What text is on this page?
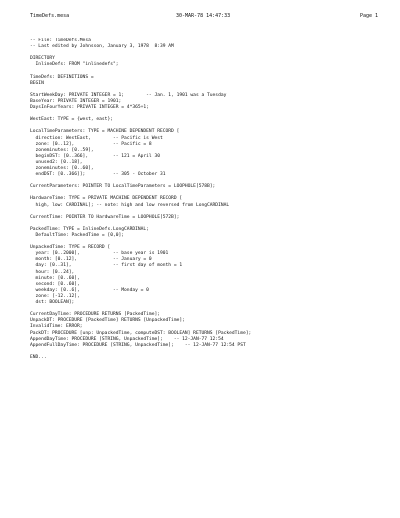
TimeDefs.mesa	30-MAR-78 14:47:33	Page 1
-- File: TimeDefs.Mesa
-- Last edited by Johnsson, January 3, 1978  8:39 AM

DIRECTORY
InlineDefs: FROM "inlinedefs";

TimeDefs: DEFINITIONS =
BEGIN

StartWeekDay: PRIVATE INTEGER = 1;        -- Jan. 1, 1901 was a Tuesday
BaseYear: PRIVATE INTEGER = 1901;
DaysInFourYears: PRIVATE INTEGER = 4*365+1;

WestEast: TYPE = {west, east};

LocalTimeParameters: TYPE = MACHINE DEPENDENT RECORD [
direction: WestEast,        -- Pacific is West
zone: [0..12],              -- Pacific = 8
zoneminutes: [0..59],
beginDST: [0..366],         -- 121 = April 30
unused2: [0..18],
zoneminutes: [0..60],
endDST: [0..366]];          -- 305 - October 31

CurrentParameters: POINTER TO LocalTimeParameters = LOOPHOLE[578B];

HardwareTime: TYPE = PRIVATE MACHINE DEPENDENT RECORD [
high, low: CARDINAL]; -- note: high and low reversed from LongCARDINAL

CurrentTime: POINTER TO HardwareTime = LOOPHOLE[572B];

PackedTime: TYPE = InlineDefs.LongCARDINAL;
DefaultTime: PackedTime = [0,0];

UnpackedTime: TYPE = RECORD [
year: [0..2000],            -- base year is 1901
month: [0..12],             -- January = 0
day: [0..31],               -- first day of month = 1
hour: [0..24],
minute: [0..60],
second: [0..60],
weekday: [0..6],            -- Monday = 0
zone: [-12..12],
dst: BOOLEAN];

CurrentDayTime: PROCEDURE RETURNS [PackedTime];
UnpackDT: PROCEDURE [PackedTime] RETURNS [UnpackedTime];
InvalidTime: ERROR;
PackDT: PROCEDURE [unp: UnpackedTime, computeDST: BOOLEAN] RETURNS [PackedTime];
AppendDayTime: PROCEDURE [STRING, UnpackedTime];    -- 12-JAN-77 12:54
AppendFullDayTime: PROCEDURE [STRING, UnpackedTime];    -- 12-JAN-77 12:54 PST

END...
